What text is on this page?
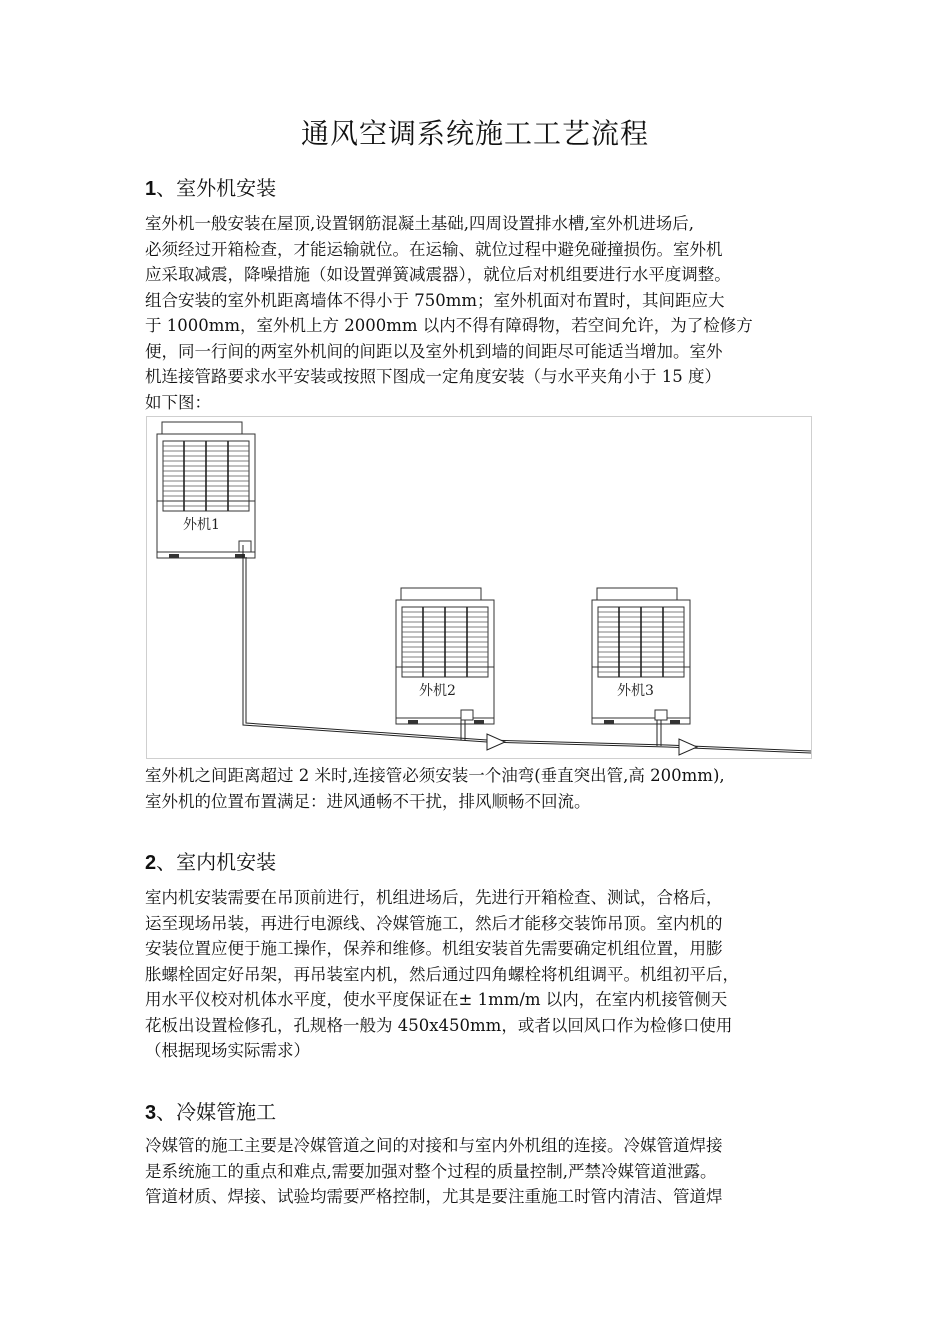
通风空调系统施工工艺流程
1、室外机安装
室外机一般安装在屋顶,设置钢筋混凝土基础,四周设置排水槽,室外机进场后,
必须经过开箱检查，才能运输就位。在运输、就位过程中避免碰撞损伤。室外机
应采取减震，降噪措施（如设置弹簧减震器），就位后对机组要进行水平度调整。
组合安装的室外机距离墙体不得小于 750mm；室外机面对布置时，其间距应大
于 1000mm，室外机上方 2000mm 以内不得有障碍物，若空间允许，为了检修方
便，同一行间的两室外机间的间距以及室外机到墙的间距尽可能适当增加。室外
机连接管路要求水平安装或按照下图成一定角度安装（与水平夹角小于 15 度）
如下图：
外机1
外机2	外机3
室外机之间距离超过 2 米时,连接管必须安装一个油弯(垂直突出管,高 200mm),
室外机的位置布置满足：进风通畅不干扰，排风顺畅不回流。
2、室内机安装
室内机安装需要在吊顶前进行，机组进场后，先进行开箱检查、测试，合格后，
运至现场吊装，再进行电源线、冷媒管施工，然后才能移交装饰吊顶。室内机的
安装位置应便于施工操作，保养和维修。机组安装首先需要确定机组位置，用膨
胀螺栓固定好吊架，再吊装室内机，然后通过四角螺栓将机组调平。机组初平后，
用水平仪校对机体水平度，使水平度保证在± 1mm/m 以内，在室内机接管侧天
花板出设置检修孔，孔规格一般为 450x450mm，或者以回风口作为检修口使用
（根据现场实际需求）
3、冷媒管施工
冷媒管的施工主要是冷媒管道之间的对接和与室内外机组的连接。冷媒管道焊接
是系统施工的重点和难点,需要加强对整个过程的质量控制,严禁冷媒管道泄露。
管道材质、焊接、试验均需要严格控制，尤其是要注重施工时管内清洁、管道焊
